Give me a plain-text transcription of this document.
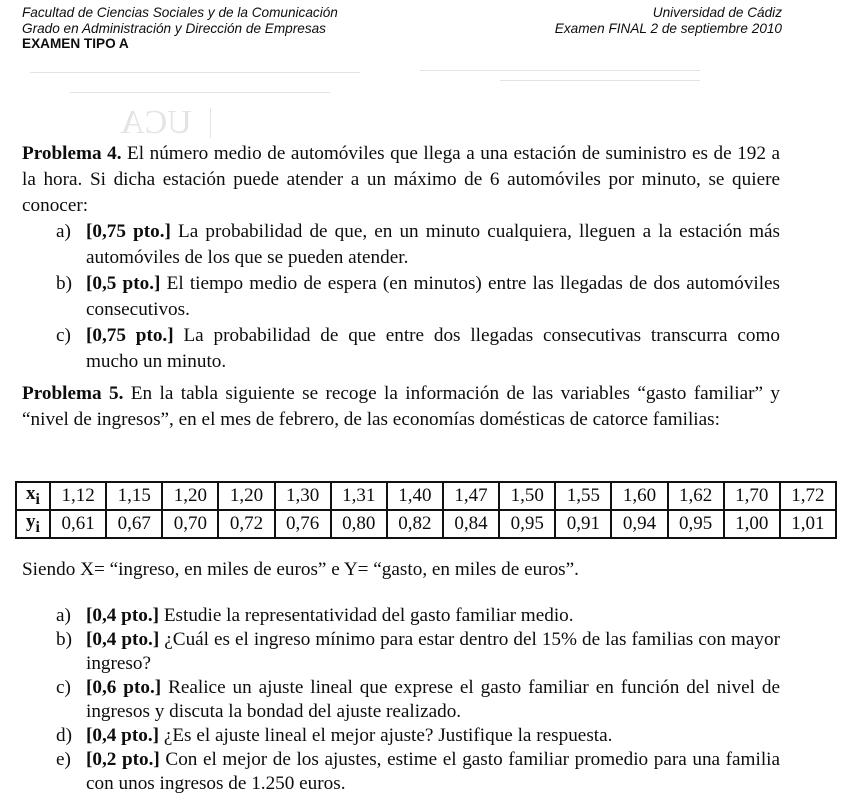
UCA
Facultad de Ciencias Sociales y de la Comunicación
Grado en Administración y Dirección de Empresas
EXAMEN TIPO A
Universidad de Cádiz
Examen FINAL 2 de septiembre 2010

Problema 4. El número medio de automóviles que llega a una estación de suministro es de 192 a la hora. Si dicha estación puede atender a un máximo de 6 automóviles por minuto, se quiere conocer:

a) [0,75 pto.] La probabilidad de que, en un minuto cualquiera, lleguen a la estación más automóviles de los que se pueden atender.
b) [0,5 pto.] El tiempo medio de espera (en minutos) entre las llegadas de dos automóviles consecutivos.
c) [0,75 pto.] La probabilidad de que entre dos llegadas consecutivas transcurra como mucho un minuto.

Problema 5. En la tabla siguiente se recoge la información de las variables “gasto familiar” y “nivel de ingresos”, en el mes de febrero, de las economías domésticas de catorce familias:

$x_i$	1,12	1,15	1,20	1,20	1,30	1,31	1,40	1,47	1,50	1,55	1,60	1,62	1,70	1,72
$y_i$	0,61	0,67	0,70	0,72	0,76	0,80	0,82	0,84	0,95	0,91	0,94	0,95	1,00	1,01
Siendo X= “ingreso, en miles de euros” e Y= “gasto, en miles de euros”.
a) [0,4 pto.] Estudie la representatividad del gasto familiar medio.
b) [0,4 pto.] ¿Cuál es el ingreso mínimo para estar dentro del 15% de las familias con mayor ingreso?
c) [0,6 pto.] Realice un ajuste lineal que exprese el gasto familiar en función del nivel de ingresos y discuta la bondad del ajuste realizado.
d) [0,4 pto.] ¿Es el ajuste lineal el mejor ajuste? Justifique la respuesta.
e) [0,2 pto.] Con el mejor de los ajustes, estime el gasto familiar promedio para una familia con unos ingresos de 1.250 euros.
